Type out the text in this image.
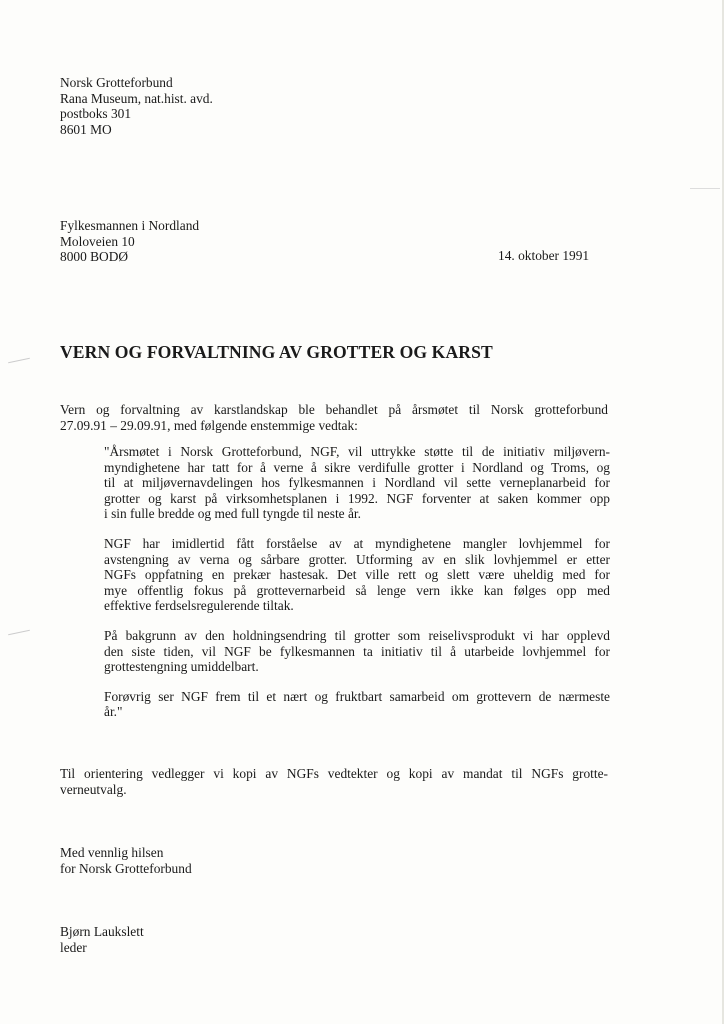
Norsk Grotteforbund
Rana Museum, nat.hist. avd.
postboks 301
8601 MO
Fylkesmannen i Nordland
Moloveien 10
8000 BODØ	14. oktober 1991
VERN OG FORVALTNING AV GROTTER OG KARST
Vern og forvaltning av karstlandskap ble behandlet på årsmøtet til Norsk grotteforbund
27.09.91 – 29.09.91, med følgende enstemmige vedtak:
"Årsmøtet i Norsk Grotteforbund, NGF, vil uttrykke støtte til de initiativ miljøvern-
myndighetene har tatt for å verne å sikre verdifulle grotter i Nordland og Troms, og
til at miljøvernavdelingen hos fylkesmannen i Nordland vil sette verneplanarbeid for
grotter og karst på virksomhetsplanen i 1992. NGF forventer at saken kommer opp
i sin fulle bredde og med full tyngde til neste år.
NGF har imidlertid fått forståelse av at myndighetene mangler lovhjemmel for
avstengning av verna og sårbare grotter. Utforming av en slik lovhjemmel er etter
NGFs oppfatning en prekær hastesak. Det ville rett og slett være uheldig med for
mye offentlig fokus på grottevernarbeid så lenge vern ikke kan følges opp med
effektive ferdselsregulerende tiltak.
På bakgrunn av den holdningsendring til grotter som reiselivsprodukt vi har opplevd
den siste tiden, vil NGF be fylkesmannen ta initiativ til å utarbeide lovhjemmel for
grottestengning umiddelbart.
Forøvrig ser NGF frem til et nært og fruktbart samarbeid om grottevern de nærmeste
år."
Til orientering vedlegger vi kopi av NGFs vedtekter og kopi av mandat til NGFs grotte-
verneutvalg.
Med vennlig hilsen
for Norsk Grotteforbund
Bjørn Laukslett
leder
